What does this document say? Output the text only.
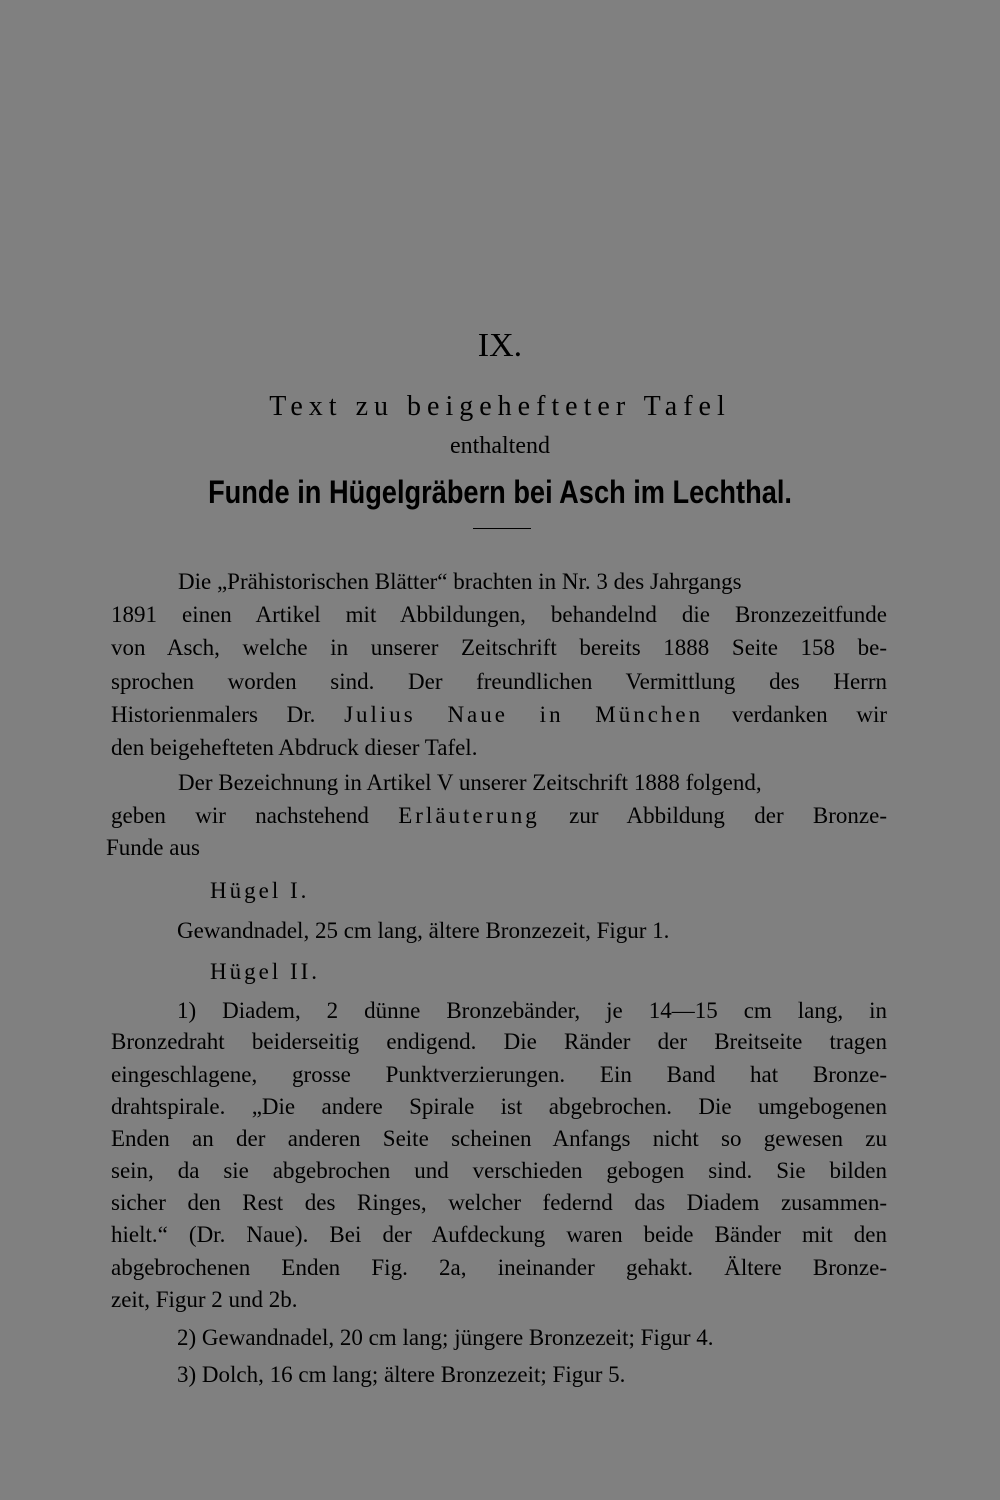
IX.
Text zu beigehefteter Tafel
enthaltend
Funde in Hügelgräbern bei Asch im Lechthal.
Die „Prähistorischen Blätter“ brachten in Nr. 3 des Jahrgangs
1891 einen Artikel mit Abbildungen, behandelnd die Bronzezeitfunde
von Asch, welche in unserer Zeitschrift bereits 1888 Seite 158 be-
sprochen worden sind. Der freundlichen Vermittlung des Herrn
Historienmalers Dr. Julius Naue in München verdanken wir
den beigehefteten Abdruck dieser Tafel.
Der Bezeichnung in Artikel V unserer Zeitschrift 1888 folgend,
geben wir nachstehend Erläuterung zur Abbildung der Bronze-
Funde aus
Hügel I.
Gewandnadel, 25 cm lang, ältere Bronzezeit, Figur 1.
Hügel II.
1) Diadem, 2 dünne Bronzebänder, je 14—15 cm lang, in
Bronzedraht beiderseitig endigend. Die Ränder der Breitseite tragen
eingeschlagene, grosse Punktverzierungen. Ein Band hat Bronze-
drahtspirale. „Die andere Spirale ist abgebrochen. Die umgebogenen
Enden an der anderen Seite scheinen Anfangs nicht so gewesen zu
sein, da sie abgebrochen und verschieden gebogen sind. Sie bilden
sicher den Rest des Ringes, welcher federnd das Diadem zusammen-
hielt.“ (Dr. Naue). Bei der Aufdeckung waren beide Bänder mit den
abgebrochenen Enden Fig. 2a, ineinander gehakt. Ältere Bronze-
zeit, Figur 2 und 2b.
2) Gewandnadel, 20 cm lang; jüngere Bronzezeit; Figur 4.
3) Dolch, 16 cm lang; ältere Bronzezeit; Figur 5.
